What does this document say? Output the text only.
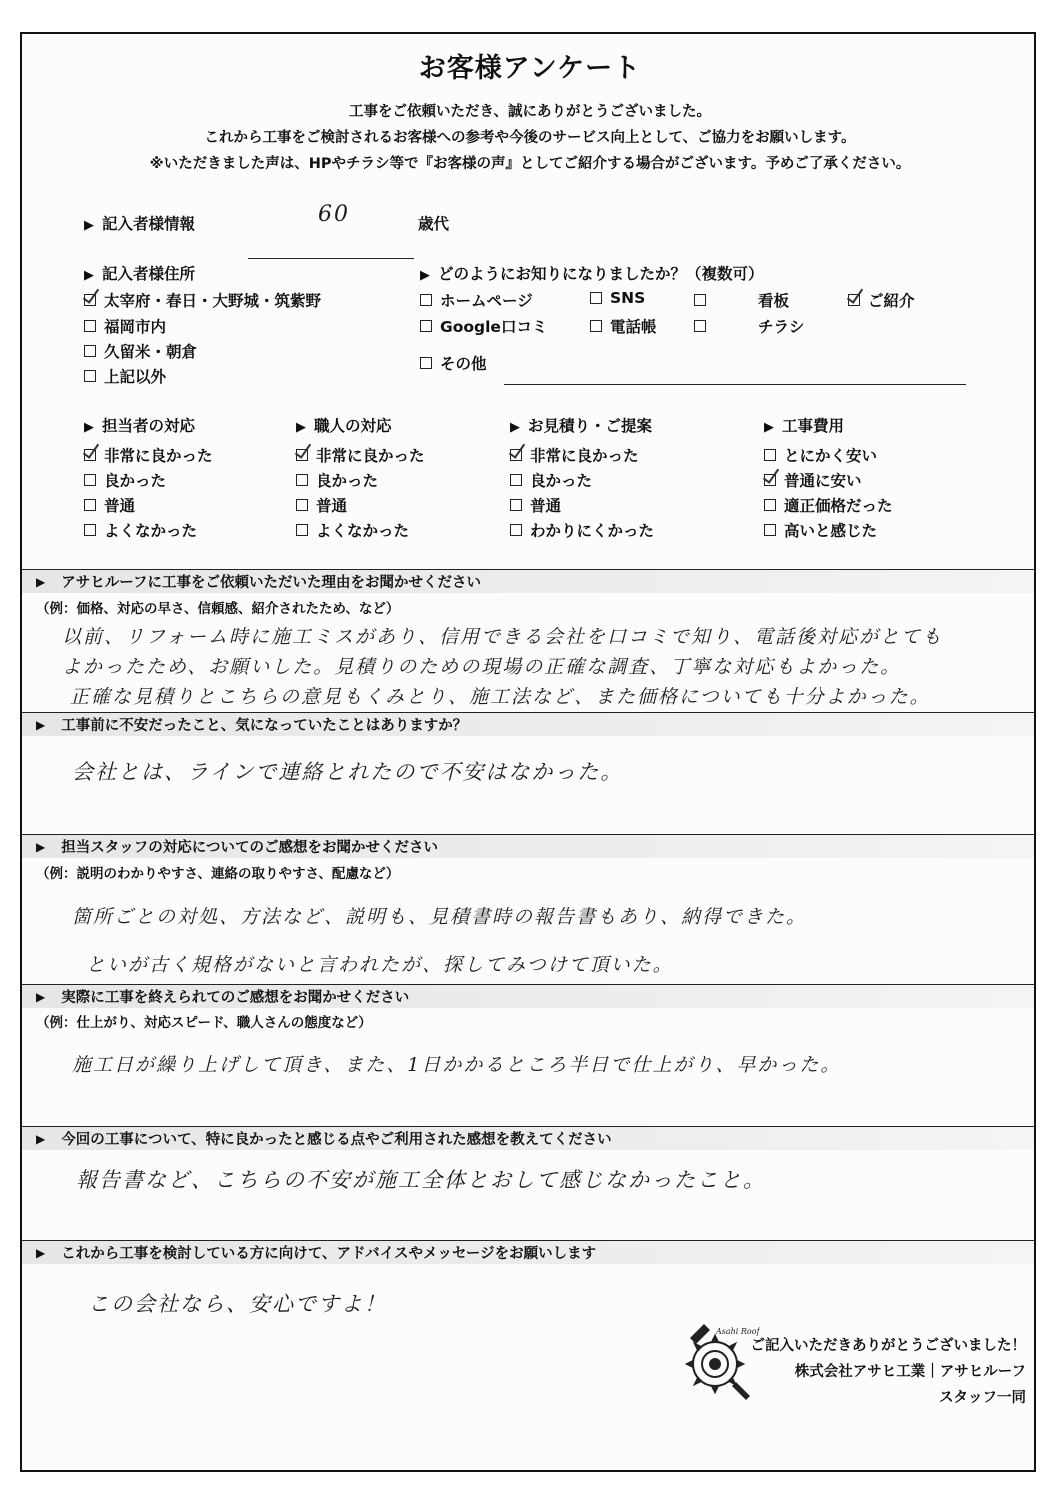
お客様アンケート
工事をご依頼いただき、誠にありがとうございました。
これから工事をご検討されるお客様への参考や今後のサービス向上として、ご協力をお願いします。
※いただきました声は、HPやチラシ等で『お客様の声』としてご紹介する場合がございます。予めご了承ください。
▶ 記入者様情報	60	歳代
▶ 記入者様住所
太宰府・春日・大野城・筑紫野
福岡市内
久留米・朝倉
上記以外
▶ どのようにお知りになりましたか？（複数可）
ホームページ	SNS	看板	ご紹介
Google口コミ	電話帳	チラシ
その他
▶ 担当者の対応
非常に良かった
良かった
普通
よくなかった
▶ 職人の対応
非常に良かった
良かった
普通
よくなかった
▶ お見積り・ご提案
非常に良かった
良かった
普通
わかりにくかった
▶ 工事費用
とにかく安い
普通に安い
適正価格だった
高いと感じた
▶ アサヒルーフに工事をご依頼いただいた理由をお聞かせください
（例：価格、対応の早さ、信頼感、紹介されたため、など）
以前、リフォーム時に施工ミスがあり、信用できる会社を口コミで知り、電話後対応がとても
よかったため、お願いした。見積りのための現場の正確な調査、丁寧な対応もよかった。
正確な見積りとこちらの意見もくみとり、施工法など、また価格についても十分よかった。
▶ 工事前に不安だったこと、気になっていたことはありますか？
会社とは、ラインで連絡とれたので不安はなかった。
▶ 担当スタッフの対応についてのご感想をお聞かせください
（例：説明のわかりやすさ、連絡の取りやすさ、配慮など）
箇所ごとの対処、方法など、説明も、見積書時の報告書もあり、納得できた。
といが古く規格がないと言われたが、探してみつけて頂いた。
▶ 実際に工事を終えられてのご感想をお聞かせください
（例：仕上がり、対応スピード、職人さんの態度など）
施工日が繰り上げして頂き、また、1日かかるところ半日で仕上がり、早かった。
▶ 今回の工事について、特に良かったと感じる点やご利用された感想を教えてください
報告書など、こちらの不安が施工全体とおして感じなかったこと。
▶ これから工事を検討している方に向けて、アドバイスやメッセージをお願いします
この会社なら、安心ですよ！
Asahi Roof
ご記入いただきありがとうございました！
株式会社アサヒ工業｜アサヒルーフ
スタッフ一同
